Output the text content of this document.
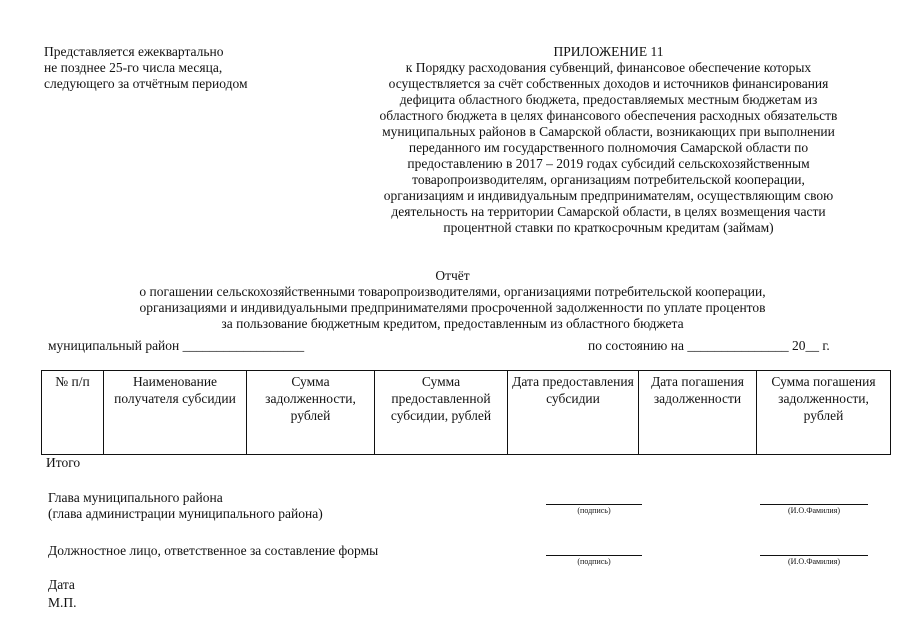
Представляется ежеквартально
не позднее 25-го числа месяца,
следующего за отчётным периодом
ПРИЛОЖЕНИЕ 11
к Порядку расходования субвенций, финансовое обеспечение которых
осуществляется за счёт собственных доходов и источников финансирования
дефицита областного бюджета, предоставляемых местным бюджетам из
областного бюджета в целях финансового обеспечения расходных обязательств
муниципальных районов в Самарской области, возникающих при выполнении
переданного им государственного полномочия Самарской области по
предоставлению в 2017 – 2019 годах субсидий сельскохозяйственным
товаропроизводителям, организациям потребительской кооперации,
организациям и индивидуальным предпринимателям, осуществляющим свою
деятельность на территории Самарской области, в целях возмещения части
процентной ставки по краткосрочным кредитам (займам)
Отчёт
о погашении сельскохозяйственными товаропроизводителями, организациями потребительской кооперации,
организациями и индивидуальными предпринимателями просроченной задолженности по уплате процентов
за пользование бюджетным кредитом, предоставленным из областного бюджета
муниципальный район __________________	по состоянию на _______________ 20__ г.
№ п/п	Наименование получателя субсидии	Сумма задолженности, рублей	Сумма предоставленной субсидии, рублей	Дата предоставления субсидии	Дата погашения задолженности	Сумма погашения задолженности, рублей
Итого
Глава муниципального района
(глава администрации муниципального района)	(подпись)	(И.О.Фамилия)
Должностное лицо, ответственное за составление формы
(подпись)	(И.О.Фамилия)
Дата
М.П.
